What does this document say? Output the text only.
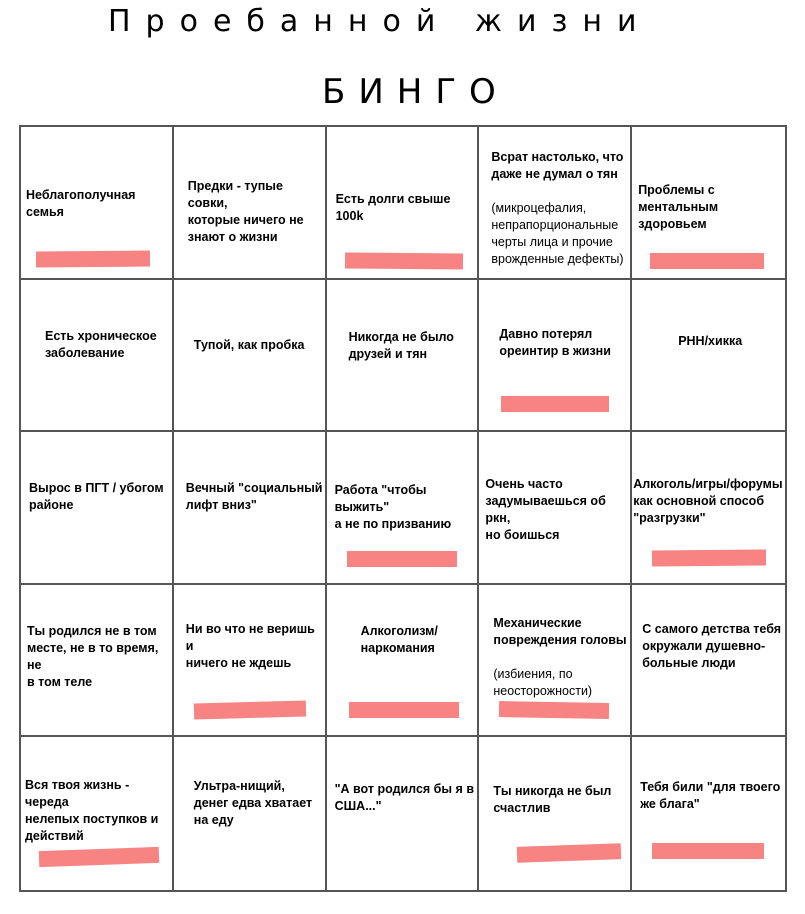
Проебанной жизни
БИНГО
Неблагополучная семья
Предки - тупые совки,
которые ничего не
знают о жизни
Есть долги свыше 100k
Всрат настолько, что
даже не думал о тян
(микроцефалия,
непрапорциональные
черты лица и прочие
врожденные дефекты)
Проблемы с
ментальным здоровьем
Есть хроническое
заболевание
Тупой, как пробка
Никогда не было
друзей и тян
Давно потерял
ореинтир в жизни
РНН/хикка
Вырос в ПГТ / убогом
районе
Вечный "социальный
лифт вниз"
Работа "чтобы выжить"
а не по призванию
Очень часто
задумываешься об ркн,
но боишься
Алкоголь/игры/форумы
как основной способ
"разгрузки"
Ты родился не в том
месте, не в то время, не
в том теле
Ни во что не веришь и
ничего не ждешь
Алкоголизм/
наркомания
Механические
повреждения головы
(избиения, по
неосторожности)
С самого детства тебя
окружали душевно-
больные люди
Вся твоя жизнь - череда
нелепых поступков и
действий
Ультра-нищий,
денег едва хватает
на еду
"А вот родился бы я в
США..."
Ты никогда не был
счастлив
Тебя били "для твоего
же блага"
